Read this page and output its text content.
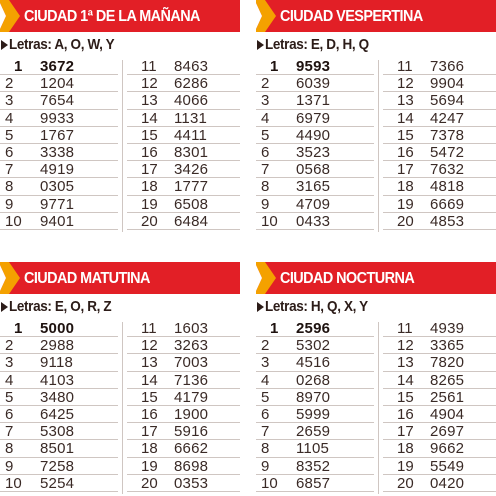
CIUDAD 1ª DE LA MAÑANA
Letras: A, O, W, Y
1 3672
2 1204
3 7654
4 9933
5 1767
6 3338
7 4919
8 0305
9 9771
10 9401
11 8463
12 6286
13 4066
14 1131
15 4411
16 8301
17 3426
18 1777
19 6508
20 6484
CIUDAD VESPERTINA
Letras: E, D, H, Q
1 9593
2 6039
3 1371
4 6979
5 4490
6 3523
7 0568
8 3165
9 4709
10 0433
11 7366
12 9904
13 5694
14 4247
15 7378
16 5472
17 7632
18 4818
19 6669
20 4853
CIUDAD MATUTINA
Letras: E, O, R, Z
1 5000
2 2988
3 9118
4 4103
5 3480
6 6425
7 5308
8 8501
9 7258
10 5254
11 1603
12 3263
13 7003
14 7136
15 4179
16 1900
17 5916
18 6662
19 8698
20 0353
CIUDAD NOCTURNA
Letras: H, Q, X, Y
1 2596
2 5302
3 4516
4 0268
5 8970
6 5999
7 2659
8 1105
9 8352
10 6857
11 4939
12 3365
13 7820
14 8265
15 2561
16 4904
17 2697
18 9662
19 5549
20 0420
